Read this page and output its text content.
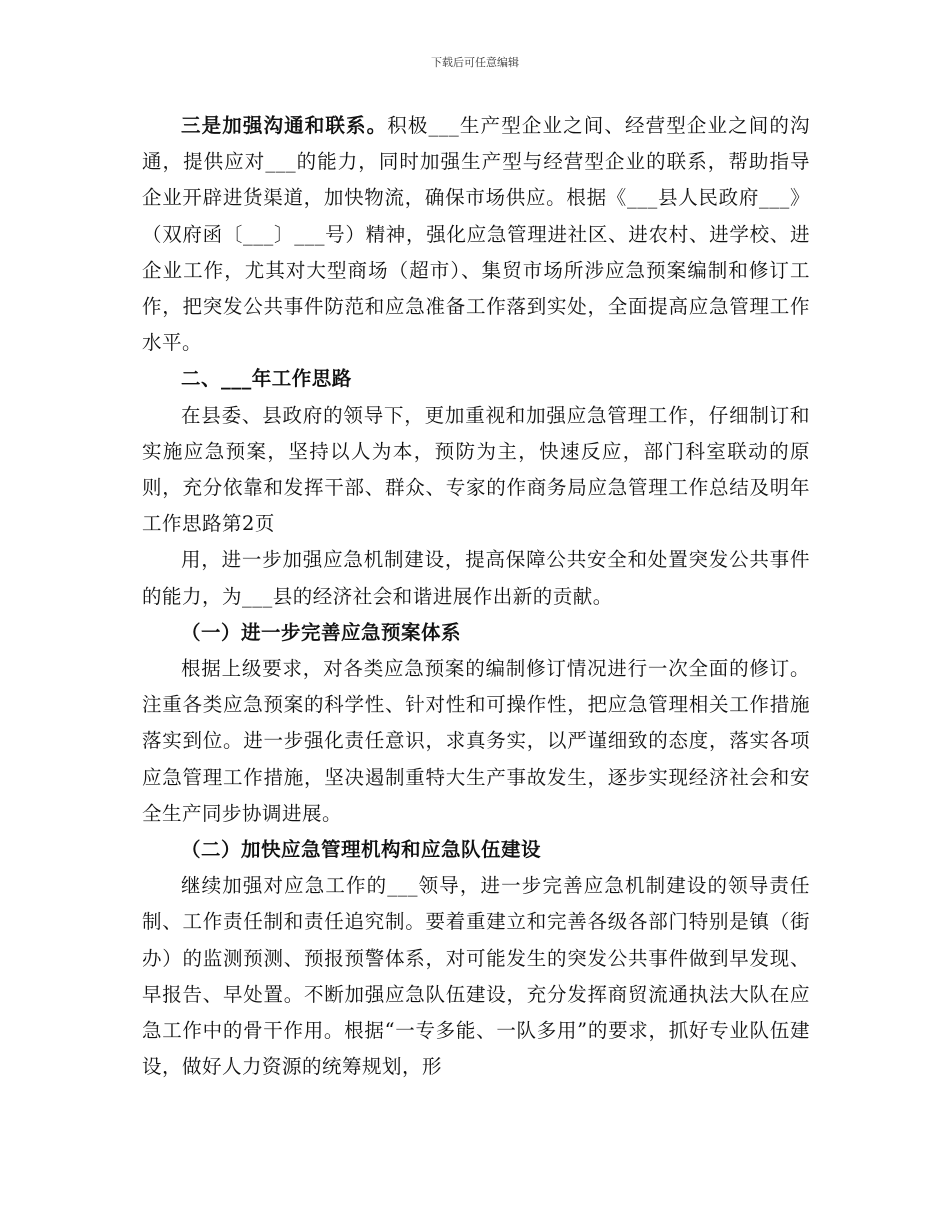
下载后可任意编辑

三是加强沟通和联系。积极___生产型企业之间、经营型企业之间的沟通，提供应对___的能力，同时加强生产型与经营型企业的联系，帮助指导企业开辟进货渠道，加快物流，确保市场供应。根据《___县人民政府___》（双府函〔___〕___号）精神，强化应急管理进社区、进农村、进学校、进企业工作，尤其对大型商场（超市）、集贸市场所涉应急预案编制和修订工作，把突发公共事件防范和应急准备工作落到实处，全面提高应急管理工作水平。

二、___年工作思路

在县委、县政府的领导下，更加重视和加强应急管理工作，仔细制订和实施应急预案，坚持以人为本，预防为主，快速反应，部门科室联动的原则，充分依靠和发挥干部、群众、专家的作商务局应急管理工作总结及明年工作思路第2页

用，进一步加强应急机制建设，提高保障公共安全和处置突发公共事件的能力，为___县的经济社会和谐进展作出新的贡献。

（一）进一步完善应急预案体系

根据上级要求，对各类应急预案的编制修订情况进行一次全面的修订。注重各类应急预案的科学性、针对性和可操作性，把应急管理相关工作措施落实到位。进一步强化责任意识，求真务实，以严谨细致的态度，落实各项应急管理工作措施，坚决遏制重特大生产事故发生，逐步实现经济社会和安全生产同步协调进展。

（二）加快应急管理机构和应急队伍建设

继续加强对应急工作的___领导，进一步完善应急机制建设的领导责任制、工作责任制和责任追究制。要着重建立和完善各级各部门特别是镇（街办）的监测预测、预报预警体系，对可能发生的突发公共事件做到早发现、早报告、早处置。不断加强应急队伍建设，充分发挥商贸流通执法大队在应急工作中的骨干作用。根据“一专多能、一队多用”的要求，抓好专业队伍建设，做好人力资源的统筹规划，形
